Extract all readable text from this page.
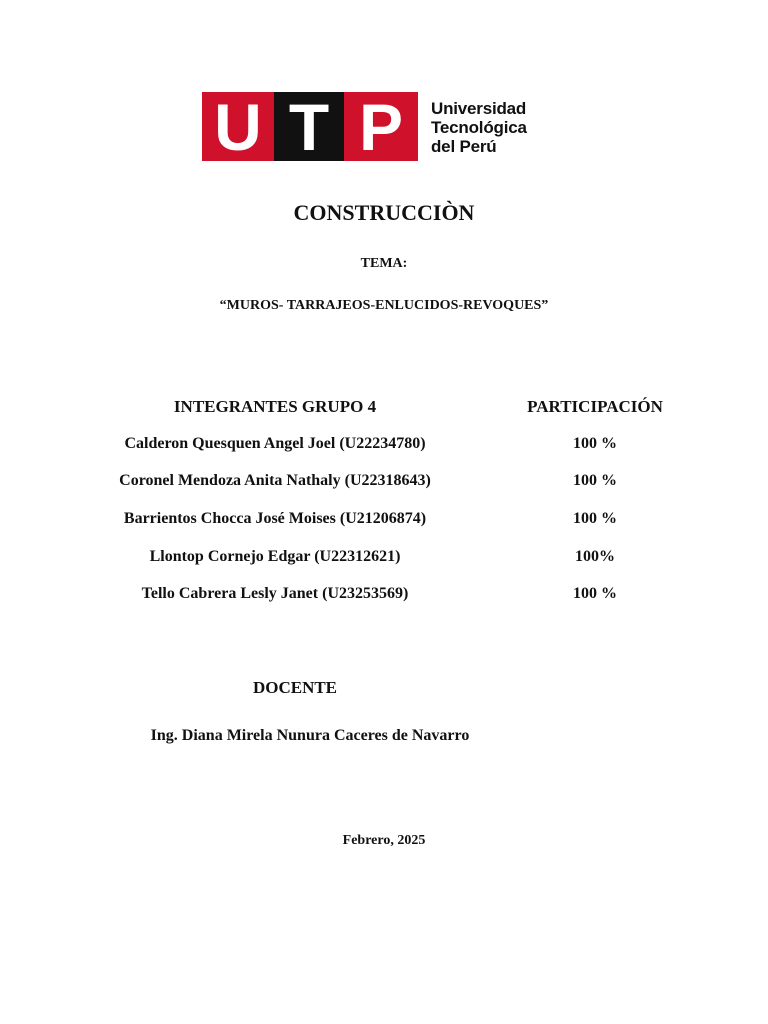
U T P	Universidad
Tecnológica
del Perú
CONSTRUCCIÒN
TEMA:
“MUROS- TARRAJEOS-ENLUCIDOS-REVOQUES”
INTEGRANTES GRUPO 4	PARTICIPACIÓN
Calderon Quesquen Angel Joel (U22234780)	100 %
Coronel Mendoza Anita Nathaly (U22318643)	100 %
Barrientos Chocca José Moises (U21206874)	100 %
Llontop Cornejo Edgar (U22312621)	100%
Tello Cabrera Lesly Janet (U23253569)	100 %
DOCENTE
Ing. Diana Mirela Nunura Caceres de Navarro
Febrero, 2025
